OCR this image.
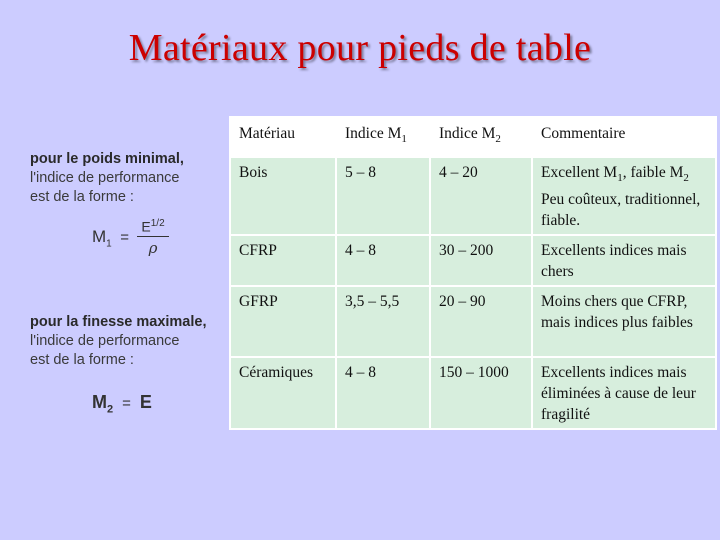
Matériaux pour pieds de table
pour le poids minimal,
l'indice de performance
est de la forme :
$M_1 = \frac{E^{1/2}}{\rho}$
pour la finesse maximale,
l'indice de performance
est de la forme :
$M_2 = E$
Matériau	Indice $M_1$	Indice $M_2$	Commentaire
Bois	5 – 8	4 – 20	Excellent $M_1$, faible $M_2$
Peu coûteux, traditionnel, fiable.
CFRP	4 – 8	30 – 200	Excellents indices mais chers
GFRP	3,5 – 5,5	20 – 90	Moins chers que CFRP, mais indices plus faibles
Céramiques	4 – 8	150 – 1000	Excellents indices mais éliminées à cause de leur fragilité
